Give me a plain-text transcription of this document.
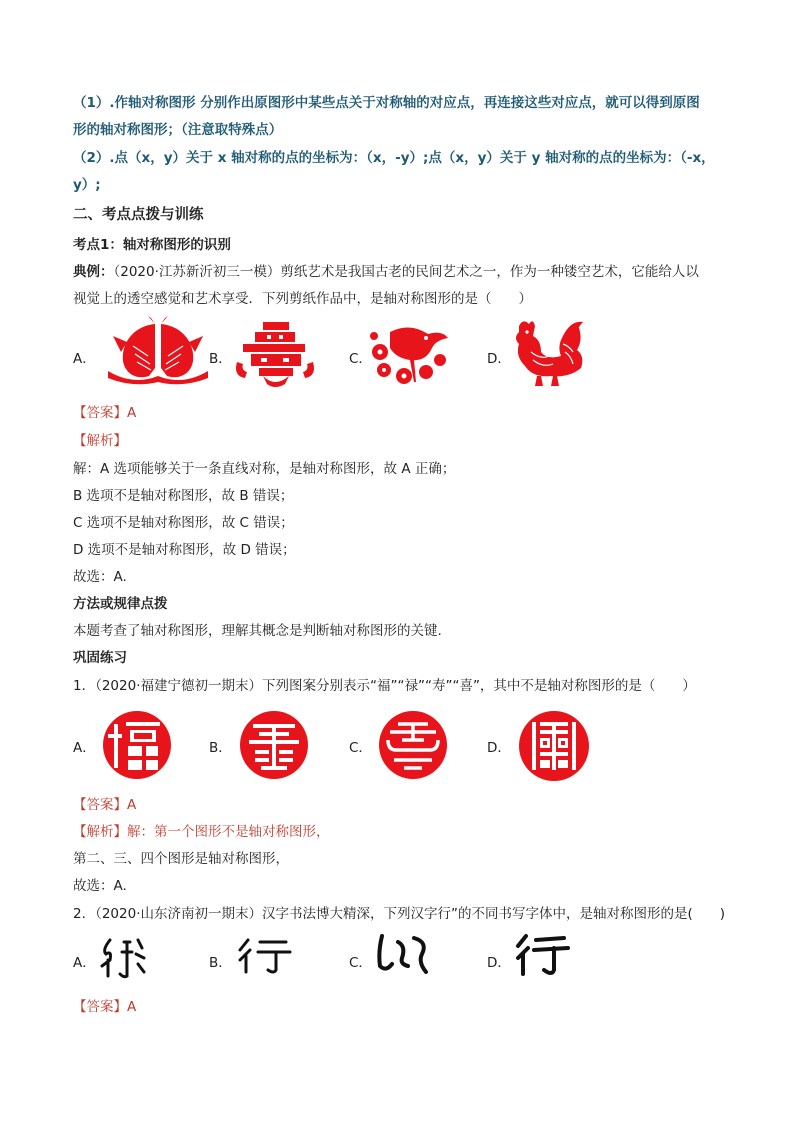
（1）.作轴对称图形 分别作出原图形中某些点关于对称轴的对应点，再连接这些对应点，就可以得到原图
形的轴对称图形；（注意取特殊点）
（2）.点（x，y）关于 x 轴对称的点的坐标为：（x，-y）;点（x，y）关于 y 轴对称的点的坐标为：（-x，
y）;
二、考点点拨与训练
考点1：轴对称图形的识别
典例：（2020·江苏新沂初三一模）剪纸艺术是我国古老的民间艺术之一，作为一种镂空艺术，它能给人以
视觉上的透空感觉和艺术享受．下列剪纸作品中，是轴对称图形的是（　　）
A．	B．	C．	D．
【答案】A
【解析】
解：A 选项能够关于一条直线对称，是轴对称图形，故 A 正确；
B 选项不是轴对称图形，故 B 错误；
C 选项不是轴对称图形，故 C 错误；
D 选项不是轴对称图形，故 D 错误；
故选：A.
方法或规律点拨
本题考查了轴对称图形，理解其概念是判断轴对称图形的关键.
巩固练习
1．（2020·福建宁德初一期末）下列图案分别表示“福”“禄”“寿”“喜”，其中不是轴对称图形的是（　　）
A．	B．	C．	D．
【答案】A
【解析】解：第一个图形不是轴对称图形，
第二、三、四个图形是轴对称图形，
故选：A.
2．（2020·山东济南初一期末）汉字书法博大精深，下列汉字行”的不同书写字体中，是轴对称图形的是(　　)
A．	B．	C．	D．
【答案】A
